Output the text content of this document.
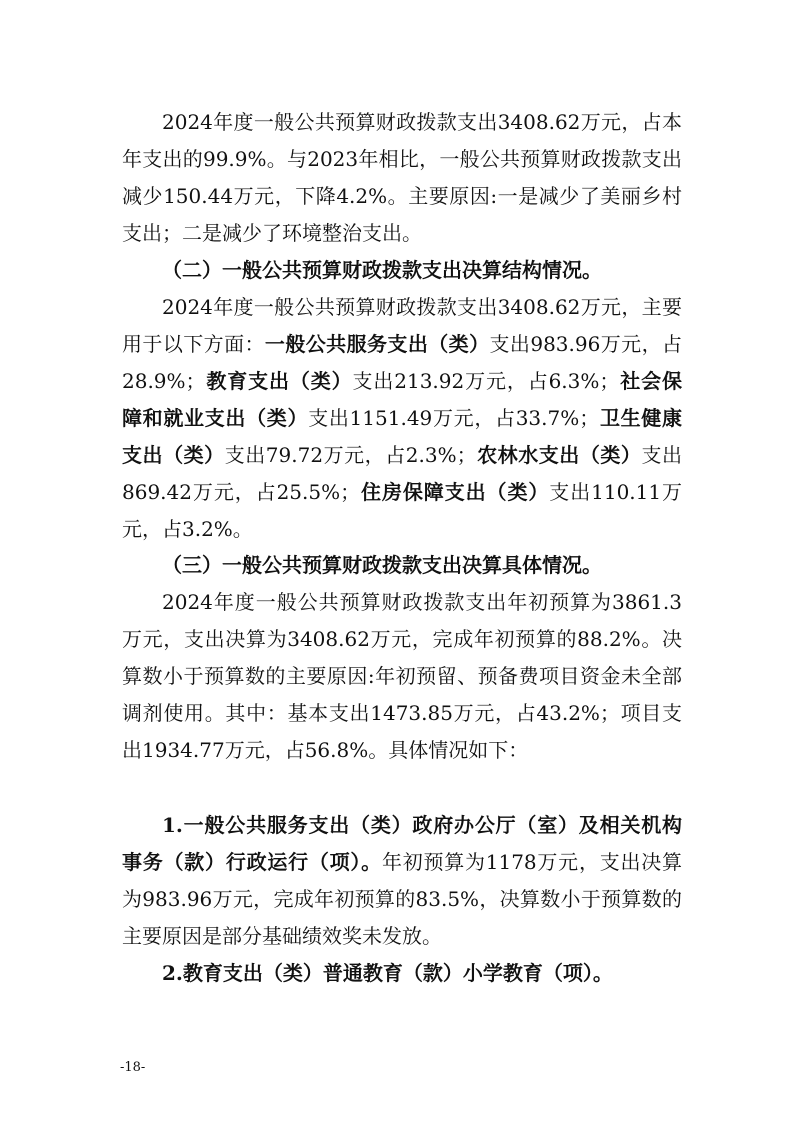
2024年度一般公共预算财政拨款支出3408.62万元，占本年支出的99.9%。与2023年相比，一般公共预算财政拨款支出减少150.44万元，下降4.2%。主要原因:一是减少了美丽乡村支出；二是减少了环境整治支出。

（二）一般公共预算财政拨款支出决算结构情况。

2024年度一般公共预算财政拨款支出3408.62万元，主要用于以下方面：一般公共服务支出（类）支出983.96万元，占28.9%；教育支出（类）支出213.92万元，占6.3%；社会保障和就业支出（类）支出1151.49万元，占33.7%；卫生健康支出（类）支出79.72万元，占2.3%；农林水支出（类）支出869.42万元，占25.5%；住房保障支出（类）支出110.11万元，占3.2%。

（三）一般公共预算财政拨款支出决算具体情况。

2024年度一般公共预算财政拨款支出年初预算为3861.3万元，支出决算为3408.62万元，完成年初预算的88.2%。决算数小于预算数的主要原因:年初预留、预备费项目资金未全部调剂使用。其中：基本支出1473.85万元，占43.2%；项目支出1934.77万元，占56.8%。具体情况如下：

1.一般公共服务支出（类）政府办公厅（室）及相关机构事务（款）行政运行（项）。年初预算为1178万元，支出决算为983.96万元，完成年初预算的83.5%，决算数小于预算数的主要原因是部分基础绩效奖未发放。

2.教育支出（类）普通教育（款）小学教育（项）。

-18-
